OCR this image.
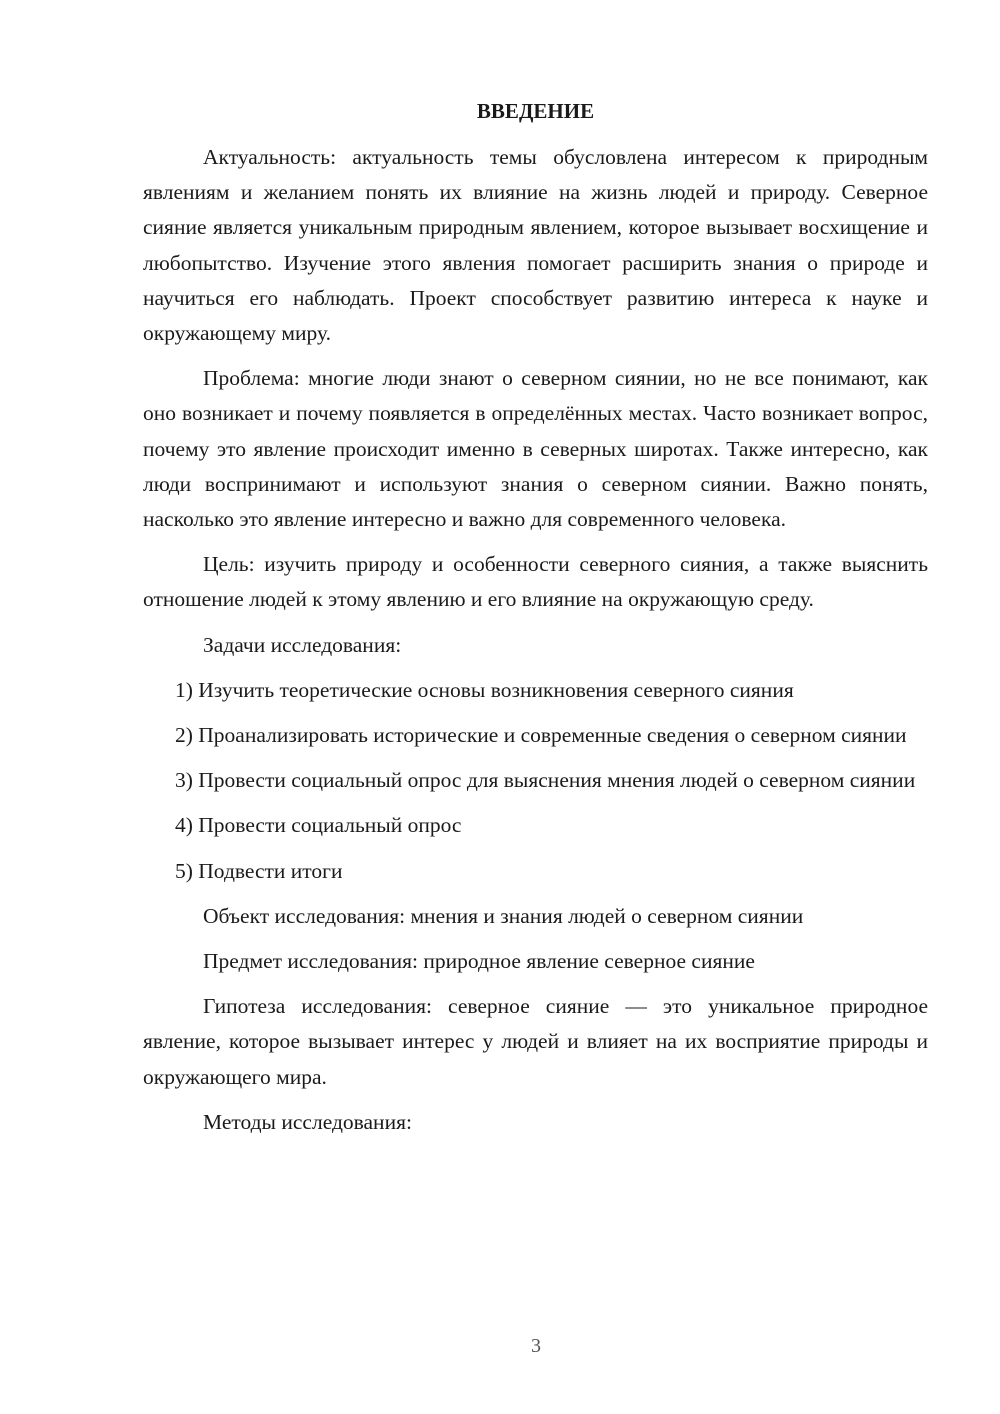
ВВЕДЕНИЕ

Актуальность: актуальность темы обусловлена интересом к природным явлениям и желанием понять их влияние на жизнь людей и природу. Северное сияние является уникальным природным явлением, которое вызывает восхищение и любопытство. Изучение этого явления помогает расширить знания о природе и научиться его наблюдать. Проект способствует развитию интереса к науке и окружающему миру.

Проблема: многие люди знают о северном сиянии, но не все понимают, как оно возникает и почему появляется в определённых местах. Часто возникает вопрос, почему это явление происходит именно в северных широтах. Также интересно, как люди воспринимают и используют знания о северном сиянии. Важно понять, насколько это явление интересно и важно для современного человека.

Цель: изучить природу и особенности северного сияния, а также выяснить отношение людей к этому явлению и его влияние на окружающую среду.

Задачи исследования:

1) Изучить теоретические основы возникновения северного сияния

2) Проанализировать исторические и современные сведения о северном сиянии

3) Провести социальный опрос для выяснения мнения людей о северном сиянии

4) Провести социальный опрос

5) Подвести итоги

Объект исследования: мнения и знания людей о северном сиянии

Предмет исследования: природное явление северное сияние

Гипотеза исследования: северное сияние — это уникальное природное явление, которое вызывает интерес у людей и влияет на их восприятие природы и окружающего мира.

Методы исследования:

3
